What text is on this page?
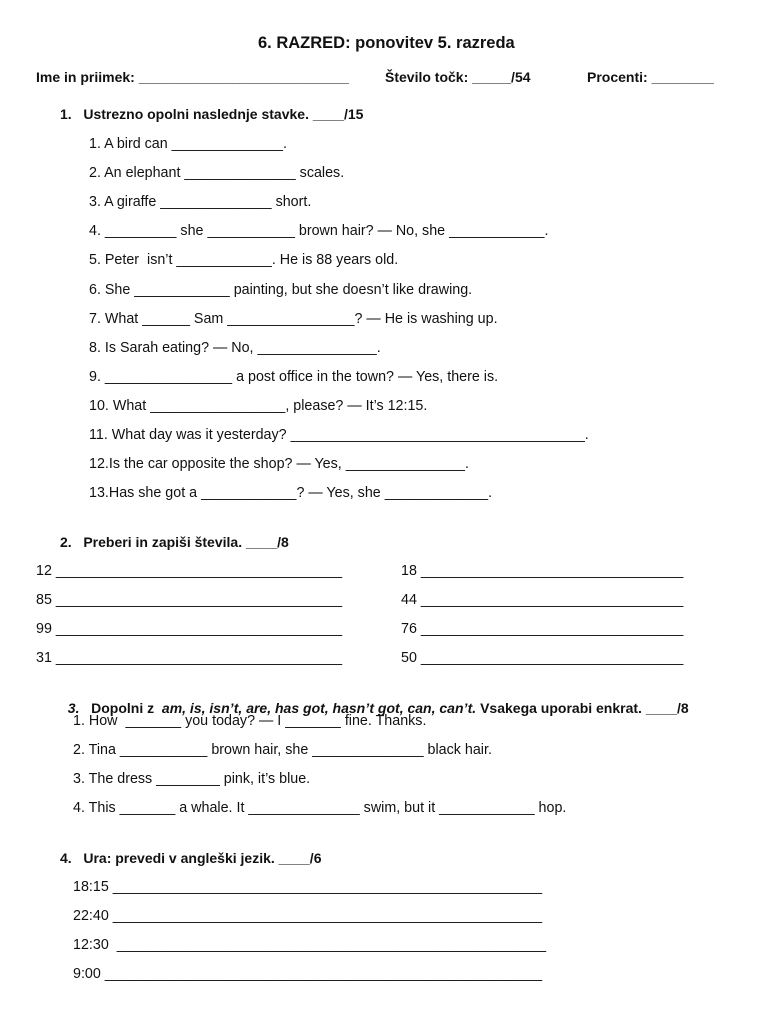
6. RAZRED: ponovitev 5. razreda
Ime in priimek: ___________________________	Število točk: _____/54	Procenti: ________
1.   Ustrezno opolni naslednje stavke. ____/15
1. A bird can ______________.
2. An elephant ______________ scales.
3. A giraffe ______________ short.
4. _________ she ___________ brown hair? — No, she ____________.
5. Peter  isn’t ____________. He is 88 years old.
6. She ____________ painting, but she doesn’t like drawing.
7. What ______ Sam ________________? — He is washing up.
8. Is Sarah eating? — No, _______________.
9. ________________ a post office in the town? — Yes, there is.
10. What _________________, please? — It’s 12:15.
11. What day was it yesterday? _____________________________________.
12.Is the car opposite the shop? — Yes, _______________.
13.Has she got a ____________? — Yes, she _____________.
2.   Preberi in zapiši števila. ____/8
12 ____________________________________
85 ____________________________________
99 ____________________________________
31 ____________________________________
18 _________________________________
44 _________________________________
76 _________________________________
50 _________________________________

3. Dopolni z  am, is, isn’t, are, has got, hasn’t got, can, can’t. Vsakega uporabi enkrat. ____/8

1. How  _______ you today? — I _______ fine. Thanks.
2. Tina ___________ brown hair, she ______________ black hair.
3. The dress ________ pink, it’s blue.
4. This _______ a whale. It ______________ swim, but it ____________ hop.
4.   Ura: prevedi v angleški jezik. ____/6
18:15 ______________________________________________________
22:40 ______________________________________________________
12:30  ______________________________________________________
9:00 _______________________________________________________
